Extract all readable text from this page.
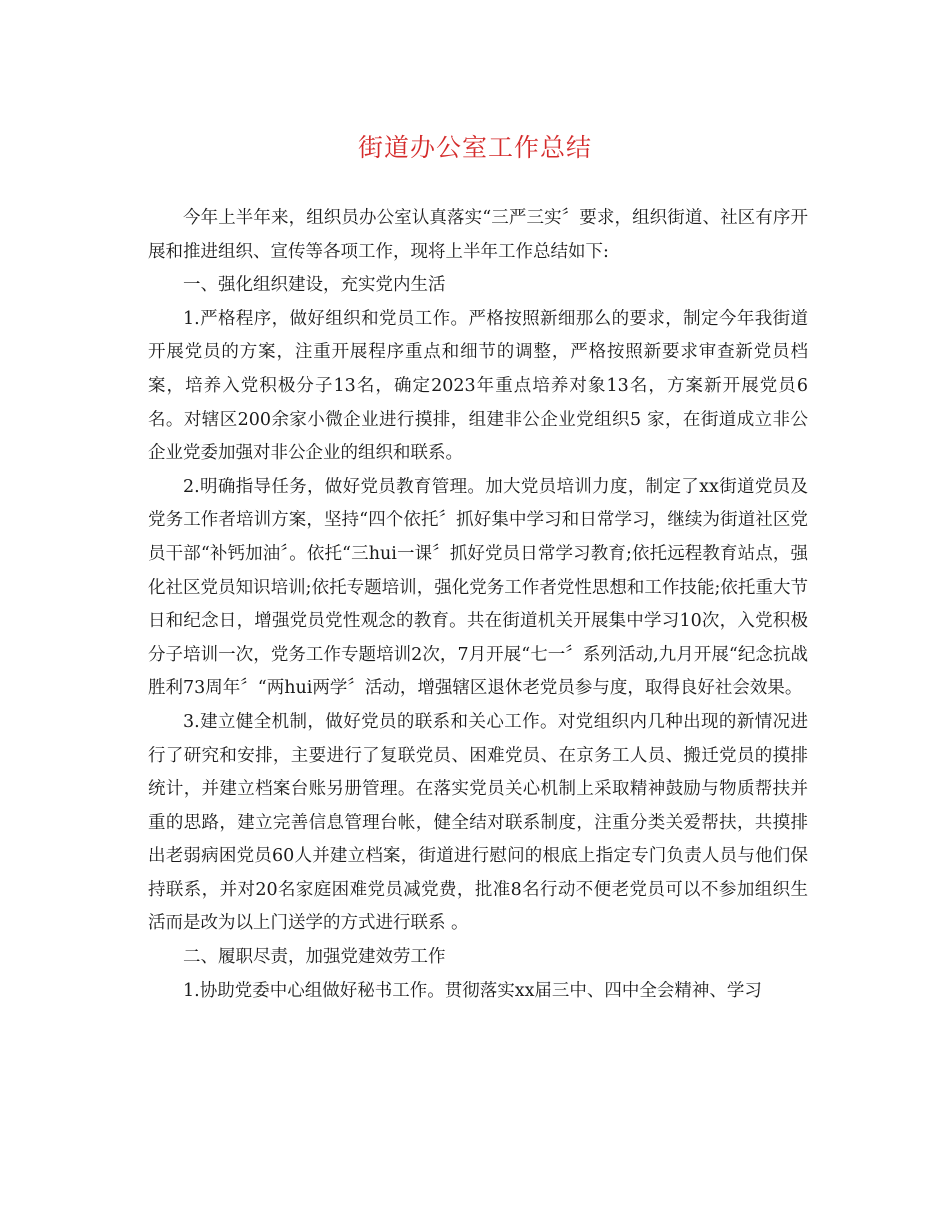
街道办公室工作总结

今年上半年来，组织员办公室认真落实“三严三实〞要求，组织街道、社区有序开展和推进组织、宣传等各项工作，现将上半年工作总结如下:

一、强化组织建设，充实党内生活

1.严格程序，做好组织和党员工作。严格按照新细那么的要求，制定今年我街道开展党员的方案，注重开展程序重点和细节的调整，严格按照新要求审查新党员档案，培养入党积极分子13名，确定2023年重点培养对象13名，方案新开展党员6名。对辖区200余家小微企业进行摸排，组建非公企业党组织5 家，在街道成立非公企业党委加强对非公企业的组织和联系。

2.明确指导任务，做好党员教育管理。加大党员培训力度，制定了xx街道党员及党务工作者培训方案，坚持“四个依托〞抓好集中学习和日常学习，继续为街道社区党员干部“补钙加油〞。依托“三hui一课〞抓好党员日常学习教育;依托远程教育站点，强化社区党员知识培训;依托专题培训，强化党务工作者党性思想和工作技能;依托重大节日和纪念日，增强党员党性观念的教育。共在街道机关开展集中学习10次，入党积极分子培训一次，党务工作专题培训2次，7月开展“七一〞系列活动,九月开展“纪念抗战胜利73周年〞“两hui两学〞活动，增强辖区退休老党员参与度，取得良好社会效果。

3.建立健全机制，做好党员的联系和关心工作。对党组织内几种出现的新情况进行了研究和安排，主要进行了复联党员、困难党员、在京务工人员、搬迁党员的摸排统计，并建立档案台账另册管理。在落实党员关心机制上采取精神鼓励与物质帮扶并重的思路，建立完善信息管理台帐，健全结对联系制度，注重分类关爱帮扶，共摸排出老弱病困党员60人并建立档案，街道进行慰问的根底上指定专门负责人员与他们保持联系，并对20名家庭困难党员减党费，批准8名行动不便老党员可以不参加组织生活而是改为以上门送学的方式进行联系 。

二、履职尽责，加强党建效劳工作

1.协助党委中心组做好秘书工作。贯彻落实xx届三中、四中全会精神、学习
